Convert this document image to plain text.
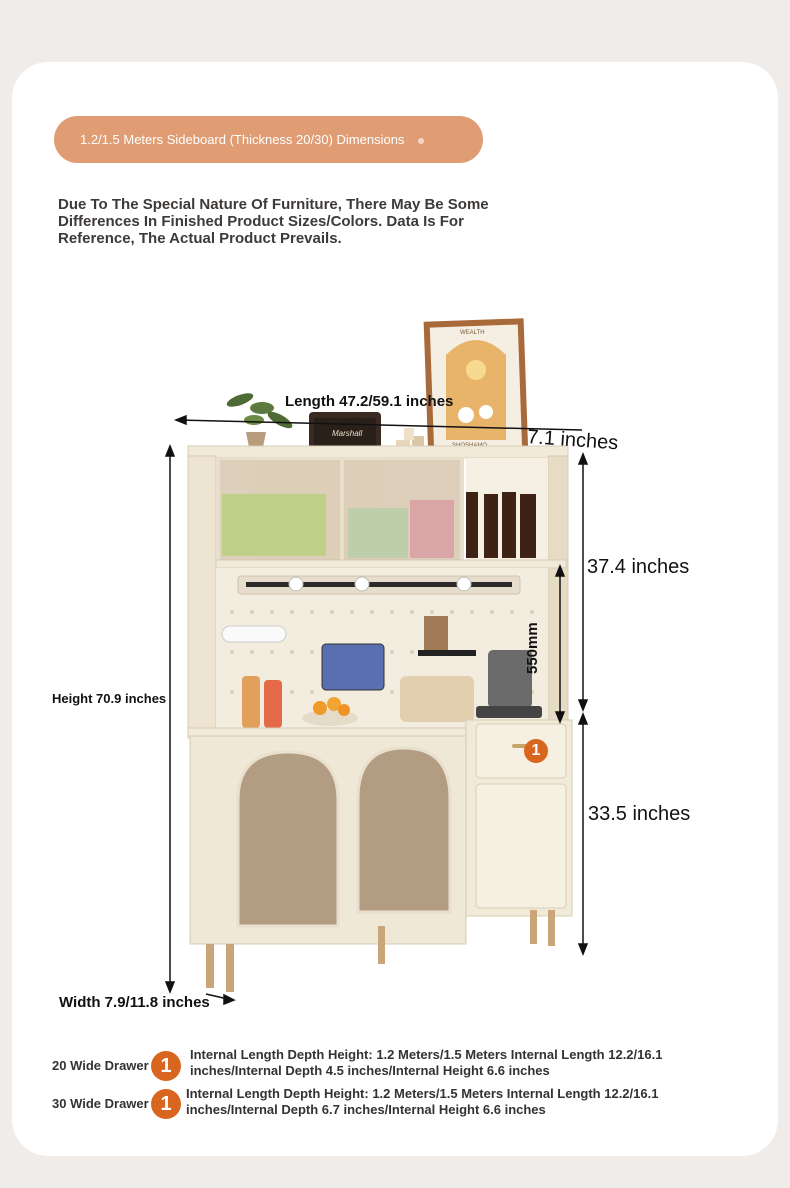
1.2/1.5 Meters Sideboard (Thickness 20/30) Dimensions
Due To The Special Nature Of Furniture, There May Be Some Differences In Finished Product Sizes/Colors. Data Is For Reference, The Actual Product Prevails.
WEALTH
Marshall
Length 47.2/59.1 inches
7.1 inches
37.4 inches
550mm
Height 70.9 inches
33.5 inches
Width 7.9/11.8 inches
1
20 Wide Drawer 1
Internal Length Depth Height: 1.2 Meters/1.5 Meters Internal Length 12.2/16.1 inches/Internal Depth 4.5 inches/Internal Height 6.6 inches
30 Wide Drawer 1	Internal Length Depth Height: 1.2 Meters/1.5 Meters Internal Length 12.2/16.1 inches/Internal Depth 6.7 inches/Internal Height 6.6 inches
